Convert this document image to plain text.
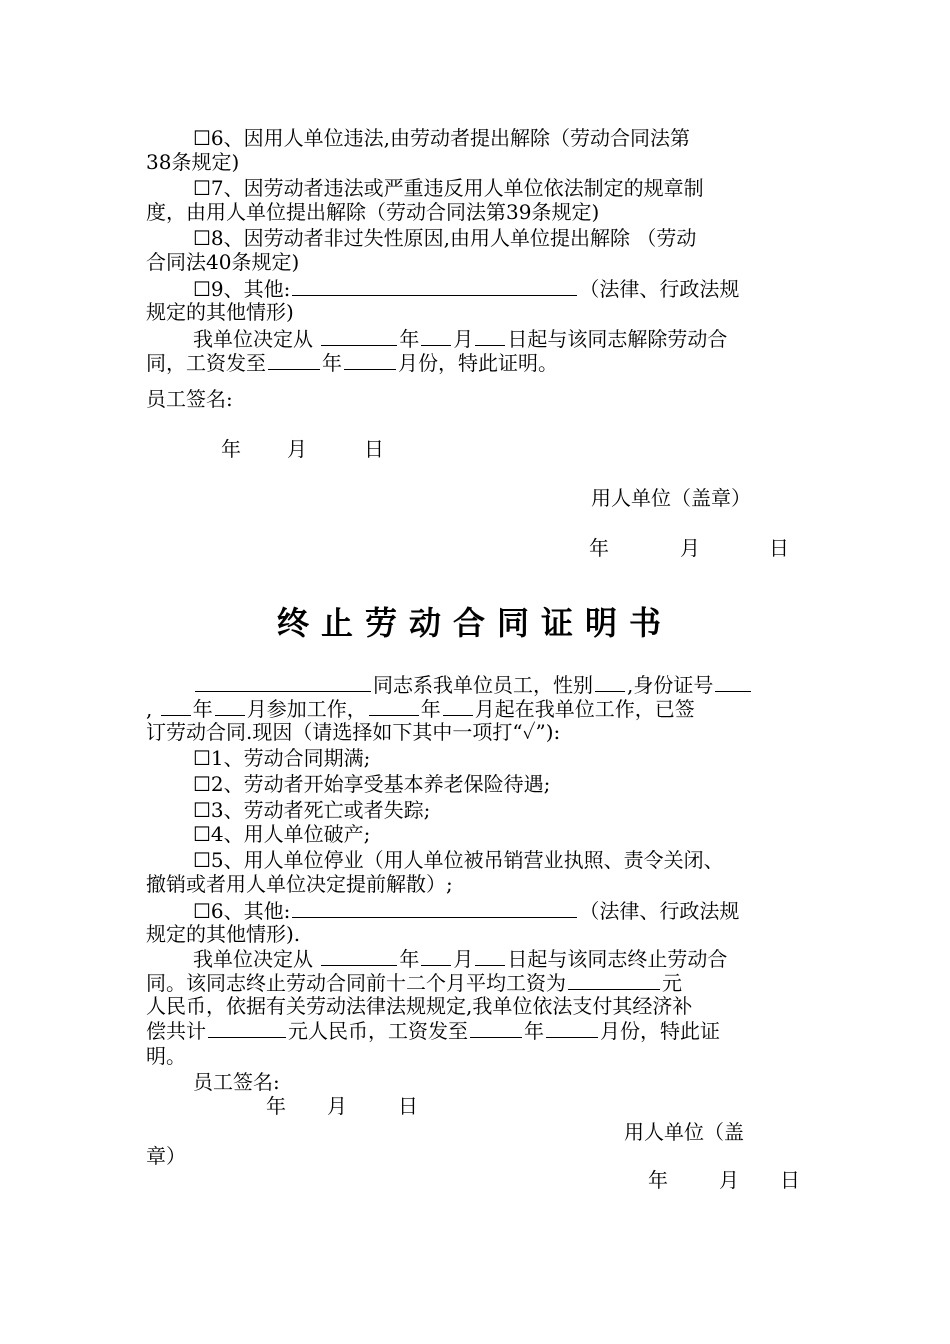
☐6、因用人单位违法,由劳动者提出解除（劳动合同法第
38条规定)
☐7、因劳动者违法或严重违反用人单位依法制定的规章制
度，由用人单位提出解除（劳动合同法第39条规定)
☐8、因劳动者非过失性原因,由用人单位提出解除 （劳动
合同法40条规定)
☐9、其他:	（法律、行政法规
规定的其他情形)
我单位决定从	年 月 日起与该同志解除劳动合
同，工资发至	年	月份，特此证明。
员工签名:
年 月	日
用人单位（盖章）
年	月	日
终止劳动合同证明书
同志系我单位员工，性别 ,身份证号
, 年 月参加工作，	年 月起在我单位工作，已签
订劳动合同.现因（请选择如下其中一项打“✓”):
☐1、劳动合同期满;
☐2、劳动者开始享受基本养老保险待遇;
☐3、劳动者死亡或者失踪;
☐4、用人单位破产;
☐5、用人单位停业（用人单位被吊销营业执照、责令关闭、
撤销或者用人单位决定提前解散）;
☐6、其他:	（法律、行政法规
规定的其他情形).
我单位决定从	年 月 日起与该同志终止劳动合
同。该同志终止劳动合同前十二个月平均工资为	元
人民币，依据有关劳动法律法规规定,我单位依法支付其经济补
偿共计	元人民币，工资发至	年	月份，特此证
明。
员工签名:
年 月	日
用人单位（盖
章）
年	月 日
